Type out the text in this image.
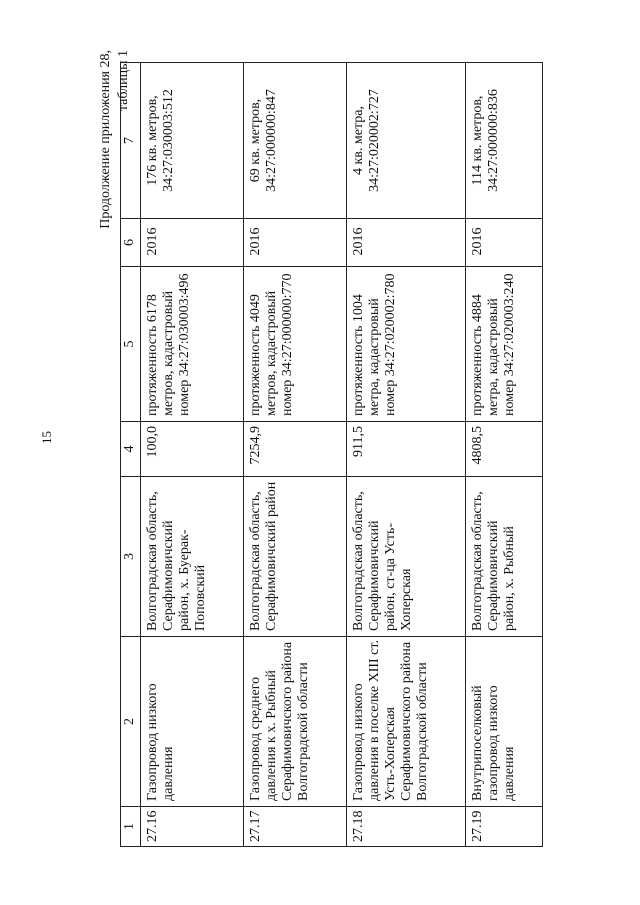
15
Продолжение приложения 28, таблицы 1
1	2	3	4	5	6	7
27.16	Газопровод низкого давления	Волгоградская область, Серафимовичский район, х. Буерак-Поповский	100,0	протяженность 6178 метров, кадастровый номер 34:27:030003:496	2016	176 кв. метров, 34:27:030003:512
27.17	Газопровод среднего давления к х. Рыбный Серафимовичского района Волгоградской области	Волгоградская область, Серафимовичский район	7254,9	протяженность 4049 метров, кадастровый номер 34:27:000000:770	2016	69 кв. метров, 34:27:000000:847
27.18	Газопровод низкого давления в поселке XIII ст. Усть-Хоперская Серафимовичского района Волгоградской области	Волгоградская область, Серафимовичский район, ст-ца Усть-Хоперская	911,5	протяженность 1004 метра, кадастровый номер 34:27:020002:780	2016	4 кв. метра, 34:27:020002:727
27.19	Внутрипоселковый газопровод низкого давления	Волгоградская область, Серафимовичский район, х. Рыбный	4808,5	протяженность 4884 метра, кадастровый номер 34:27:020003:240	2016	114 кв. метров, 34:27:000000:836
